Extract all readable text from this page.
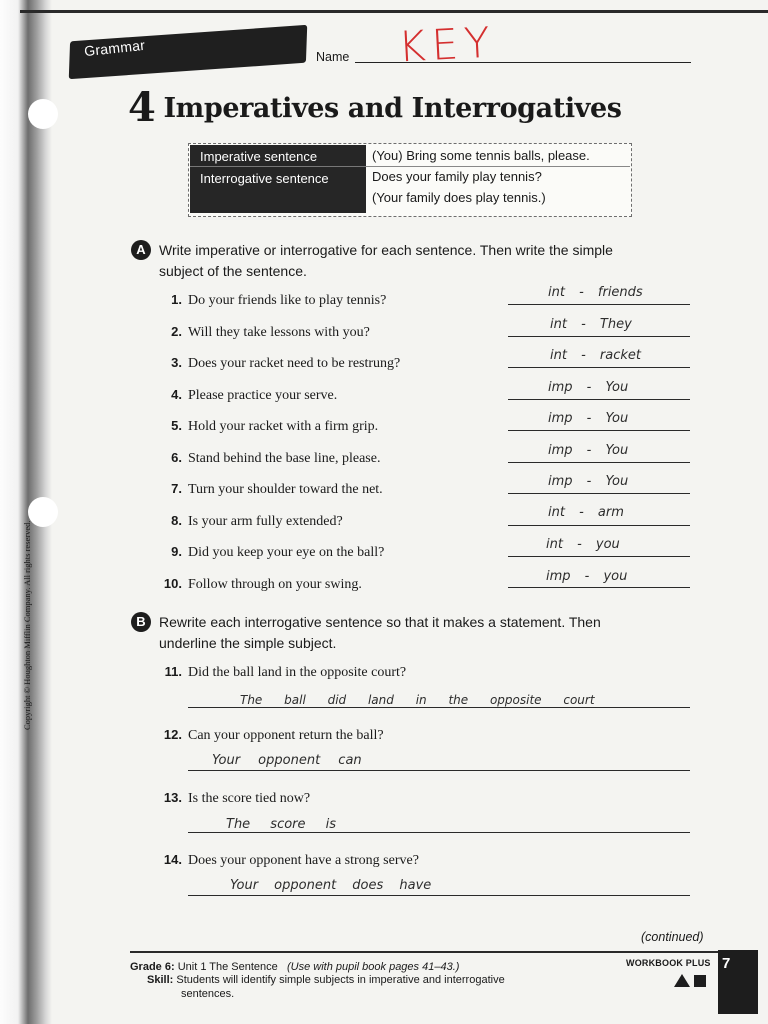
Grammar	Name KEY
4 Imperatives and Interrogatives
Imperative sentence	(You) Bring some tennis balls, please.
Interrogative sentence	Does your family play tennis?
(Your family does play tennis.)
A Write imperative or interrogative for each sentence. Then write the simple
subject of the sentence.
1. Do your friends like to play tennis?
int - friends
2. Will they take lessons with you?
int - They
3. Does your racket need to be restrung?
int - racket
4. Please practice your serve.
imp - You
5. Hold your racket with a firm grip.
imp - You
6. Stand behind the base line, please.
imp - You
7. Turn your shoulder toward the net.
imp - You
8. Is your arm fully extended?
int - arm
9. Did you keep your eye on the ball?
int - you
10. Follow through on your swing.
imp - you
B Rewrite each interrogative sentence so that it makes a statement. Then
underline the simple subject.
11. Did the ball land in the opposite court?
The ball did land in the opposite court
12. Can your opponent return the ball?
Your opponent can
13. Is the score tied now?
The score is
14. Does your opponent have a strong serve?
Your opponent does have
(continued)
Grade 6: Unit 1 The Sentence (Use with pupil book pages 41–43.)
Skill: Students will identify simple subjects in imperative and interrogative
sentences.
WORKBOOK PLUS 7
Copyright © Houghton Mifflin Company. All rights reserved.
